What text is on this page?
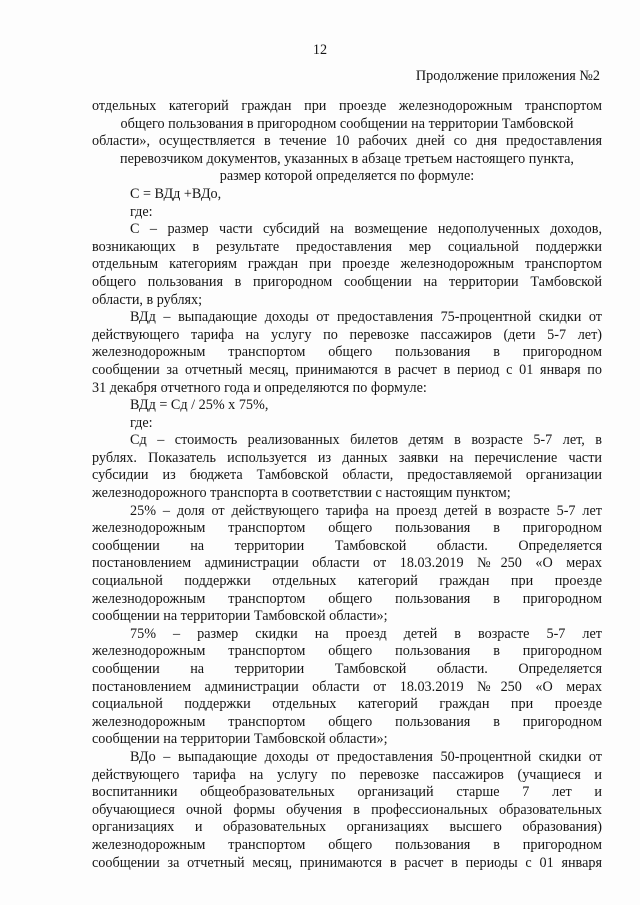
12
Продолжение приложения №2
отдельных категорий граждан при проезде железнодорожным транспортом
общего пользования в пригородном сообщении на территории Тамбовской
области», осуществляется в течение 10 рабочих дней со дня предоставления
перевозчиком документов, указанных в абзаце третьем настоящего пункта,
размер которой определяется по формуле:
С = ВДд +ВДо,
где:
С – размер части субсидий на возмещение недополученных доходов,
возникающих в результате предоставления мер социальной поддержки
отдельным категориям граждан при проезде железнодорожным транспортом
общего пользования в пригородном сообщении на территории Тамбовской
области, в рублях;
ВДд – выпадающие доходы от предоставления 75-процентной скидки от
действующего тарифа на услугу по перевозке пассажиров (дети 5-7 лет)
железнодорожным транспортом общего пользования в пригородном
сообщении за отчетный месяц, принимаются в расчет в период с 01 января по
31 декабря отчетного года и определяются по формуле:
ВДд = Сд / 25% х 75%,
где:
Сд – стоимость реализованных билетов детям в возрасте 5-7 лет, в
рублях. Показатель используется из данных заявки на перечисление части
субсидии из бюджета Тамбовской области, предоставляемой организации
железнодорожного транспорта в соответствии с настоящим пунктом;
25% – доля от действующего тарифа на проезд детей в возрасте 5-7 лет
железнодорожным транспортом общего пользования в пригородном
сообщении на территории Тамбовской области. Определяется
постановлением администрации области от 18.03.2019 №250 «О мерах
социальной поддержки отдельных категорий граждан при проезде
железнодорожным транспортом общего пользования в пригородном
сообщении на территории Тамбовской области»;
75% – размер скидки на проезд детей в возрасте 5-7 лет
железнодорожным транспортом общего пользования в пригородном
сообщении на территории Тамбовской области. Определяется
постановлением администрации области от 18.03.2019 №250 «О мерах
социальной поддержки отдельных категорий граждан при проезде
железнодорожным транспортом общего пользования в пригородном
сообщении на территории Тамбовской области»;
ВДо – выпадающие доходы от предоставления 50-процентной скидки от
действующего тарифа на услугу по перевозке пассажиров (учащиеся и
воспитанники общеобразовательных организаций старше 7 лет и
обучающиеся очной формы обучения в профессиональных образовательных
организациях и образовательных организациях высшего образования)
железнодорожным транспортом общего пользования в пригородном
сообщении за отчетный месяц, принимаются в расчет в периоды с 01 января
